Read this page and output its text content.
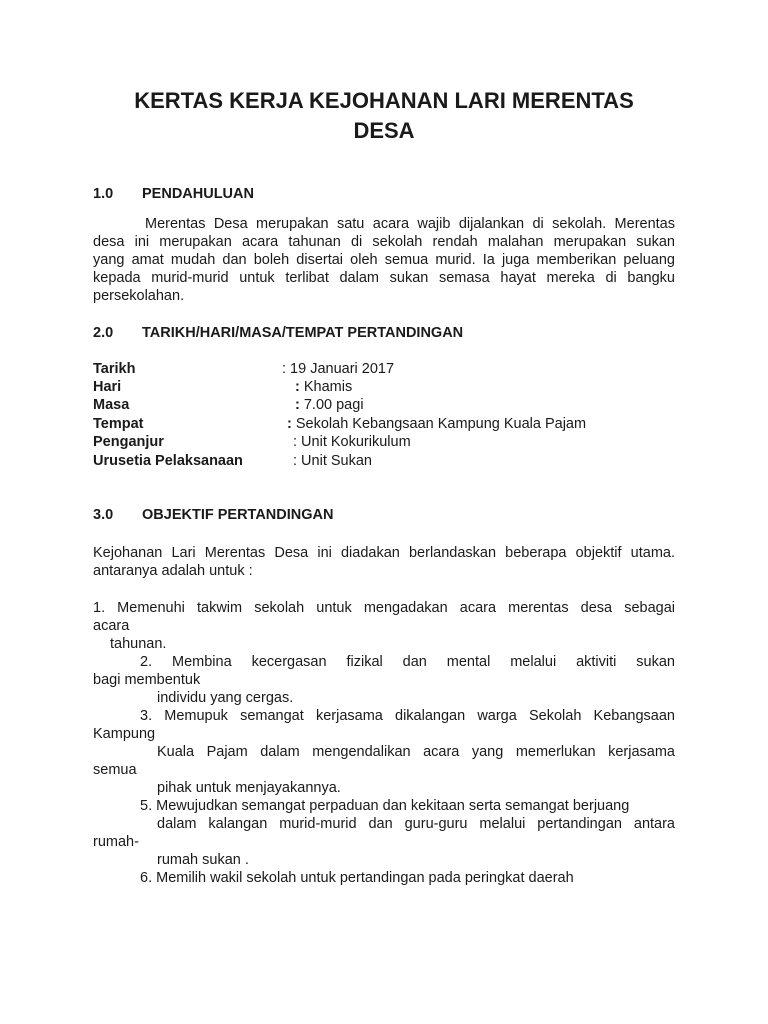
KERTAS KERJA KEJOHANAN LARI MERENTAS
DESA
1.0 PENDAHULUAN
Merentas Desa merupakan satu acara wajib dijalankan di sekolah. Merentas
desa ini merupakan acara tahunan di sekolah rendah malahan merupakan sukan
yang amat mudah dan boleh disertai oleh semua murid. Ia juga memberikan peluang
kepada murid-murid untuk terlibat dalam sukan semasa hayat mereka di bangku
persekolahan.
2.0 TARIKH/HARI/MASA/TEMPAT PERTANDINGAN
Tarikh	: 19 Januari 2017
Hari	: Khamis
Masa	: 7.00 pagi
Tempat	: Sekolah Kebangsaan Kampung Kuala Pajam
Penganjur	: Unit Kokurikulum
Urusetia Pelaksanaan	: Unit Sukan
3.0 OBJEKTIF PERTANDINGAN
Kejohanan Lari Merentas Desa ini diadakan berlandaskan beberapa objektif utama.
antaranya adalah untuk :
1. Memenuhi takwim sekolah untuk mengadakan acara merentas desa sebagai
acara
tahunan.
2. Membina kecergasan fizikal dan mental melalui aktiviti sukan
bagi membentuk
individu yang cergas.
3. Memupuk semangat kerjasama dikalangan warga Sekolah Kebangsaan
Kampung
Kuala Pajam dalam mengendalikan acara yang memerlukan kerjasama
semua
pihak untuk menjayakannya.
5. Mewujudkan semangat perpaduan dan kekitaan serta semangat berjuang
dalam kalangan murid-murid dan guru-guru melalui pertandingan antara
rumah-
rumah sukan .
6. Memilih wakil sekolah untuk pertandingan pada peringkat daerah
